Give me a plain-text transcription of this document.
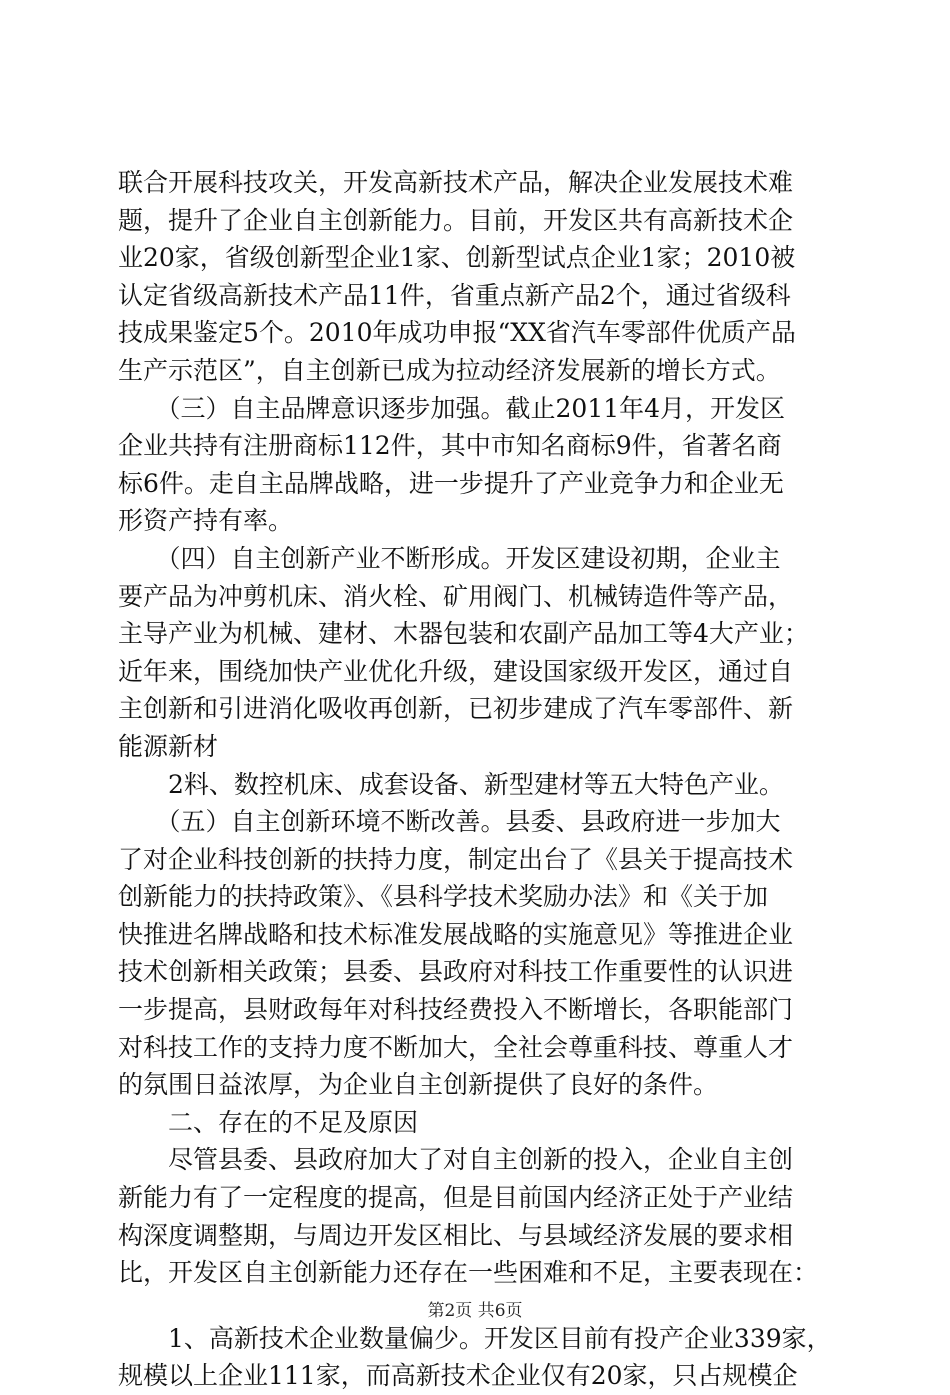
联合开展科技攻关，开发高新技术产品，解决企业发展技术难
题，提升了企业自主创新能力。目前，开发区共有高新技术企
业20家，省级创新型企业1家、创新型试点企业1家；2010被
认定省级高新技术产品11件，省重点新产品2个，通过省级科
技成果鉴定5个。2010年成功申报“XX省汽车零部件优质产品
生产示范区”，自主创新已成为拉动经济发展新的增长方式。
　　（三）自主品牌意识逐步加强。截止2011年4月，开发区
企业共持有注册商标112件，其中市知名商标9件，省著名商
标6件。走自主品牌战略，进一步提升了产业竞争力和企业无
形资产持有率。
　　（四）自主创新产业不断形成。开发区建设初期，企业主
要产品为冲剪机床、消火栓、矿用阀门、机械铸造件等产品，
主导产业为机械、建材、木器包装和农副产品加工等4大产业；
近年来，围绕加快产业优化升级，建设国家级开发区，通过自
主创新和引进消化吸收再创新，已初步建成了汽车零部件、新
能源新材
　　2料、数控机床、成套设备、新型建材等五大特色产业。
　　（五）自主创新环境不断改善。县委、县政府进一步加大
了对企业科技创新的扶持力度，制定出台了《县关于提高技术
创新能力的扶持政策》、《县科学技术奖励办法》和《关于加
快推进名牌战略和技术标准发展战略的实施意见》等推进企业
技术创新相关政策；县委、县政府对科技工作重要性的认识进
一步提高，县财政每年对科技经费投入不断增长，各职能部门
对科技工作的支持力度不断加大，全社会尊重科技、尊重人才
的氛围日益浓厚，为企业自主创新提供了良好的条件。
　　二、存在的不足及原因
　　尽管县委、县政府加大了对自主创新的投入，企业自主创
新能力有了一定程度的提高，但是目前国内经济正处于产业结
构深度调整期，与周边开发区相比、与县域经济发展的要求相
比，开发区自主创新能力还存在一些困难和不足，主要表现在：
　　1、高新技术企业数量偏少。开发区目前有投产企业339家，
规模以上企业111家，而高新技术企业仅有20家，只占规模企
第2页 共6页
